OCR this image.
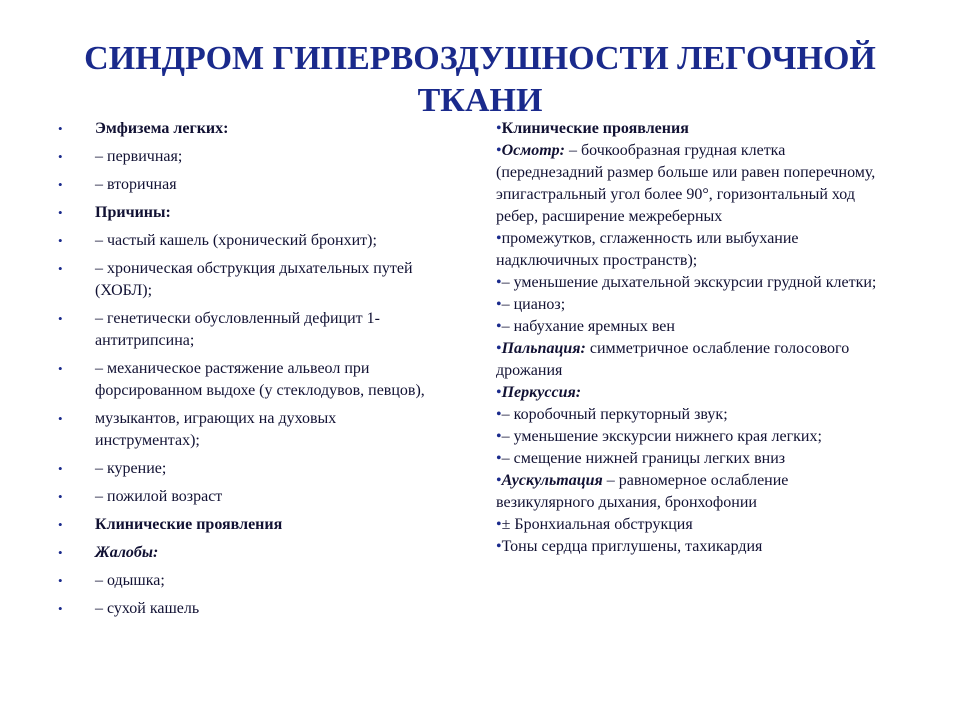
СИНДРОМ ГИПЕРВОЗДУШНОСТИ ЛЕГОЧНОЙ ТКАНИ
• Эмфизема легких:
• – первичная;
• – вторичная
• Причины:
• – частый кашель (хронический бронхит);
• – хроническая обструкция дыхательных путей (ХОБЛ);
• – генетически обусловленный дефицит 1-антитрипсина;
• – механическое растяжение альвеол при форсированном выдохе (у стеклодувов, певцов),
• музыкантов, играющих на духовых инструментах);
• – курение;
• – пожилой возраст
• Клинические проявления
• Жалобы:
• – одышка;
• – сухой кашель

•Клинические проявления

•Осмотр: – бочкообразная грудная клетка (переднезадний размер больше или равен поперечному, эпигастральный угол более 90°, горизонтальный ход ребер, расширение межреберных

•промежутков, сглаженность или выбухание надключичных пространств);

•– уменьшение дыхательной экскурсии грудной клетки;

•– цианоз;

•– набухание яремных вен

•Пальпация: симметричное ослабление голосового дрожания

•Перкуссия:

•– коробочный перкуторный звук;

•– уменьшение экскурсии нижнего края легких;

•– смещение нижней границы легких вниз

•Аускультация – равномерное ослабление везикулярного дыхания, бронхофонии

•± Бронхиальная обструкция

•Тоны сердца приглушены, тахикардия
